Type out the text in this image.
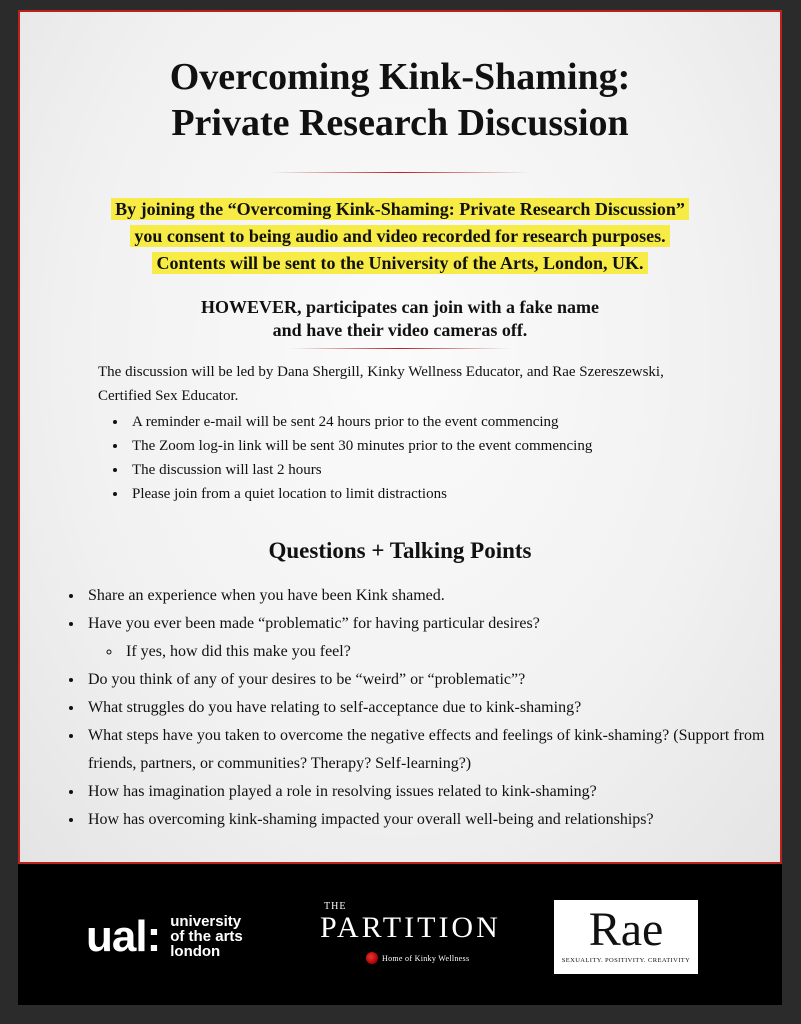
Overcoming Kink-Shaming:
Private Research Discussion
By joining the “Overcoming Kink-Shaming: Private Research Discussion”
you consent to being audio and video recorded for research purposes.
Contents will be sent to the University of the Arts, London, UK.
HOWEVER, participates can join with a fake name
and have their video cameras off.

The discussion will be led by Dana Shergill, Kinky Wellness Educator, and Rae Szereszewski, Certified Sex Educator.

• A reminder e-mail will be sent 24 hours prior to the event commencing
• The Zoom log-in link will be sent 30 minutes prior to the event commencing
• The discussion will last 2 hours
• Please join from a quiet location to limit distractions
Questions + Talking Points
• Share an experience when you have been Kink shamed.
• Have you ever been made “problematic” for having particular desires?
◦ If yes, how did this make you feel?
• Do you think of any of your desires to be “weird” or “problematic”?
• What struggles do you have relating to self-acceptance due to kink-shaming?
• What steps have you taken to overcome the negative effects and feelings of kink-shaming? (Support from friends, partners, or communities? Therapy? Self-learning?)
• How has imagination played a role in resolving issues related to kink-shaming?
• How has overcoming kink-shaming impacted your overall well-being and relationships?
ual: university
of the arts
london
THE
PARTITION
Home of Kinky Wellness
Rae
SEXUALITY. POSITIVITY. CREATIVITY
